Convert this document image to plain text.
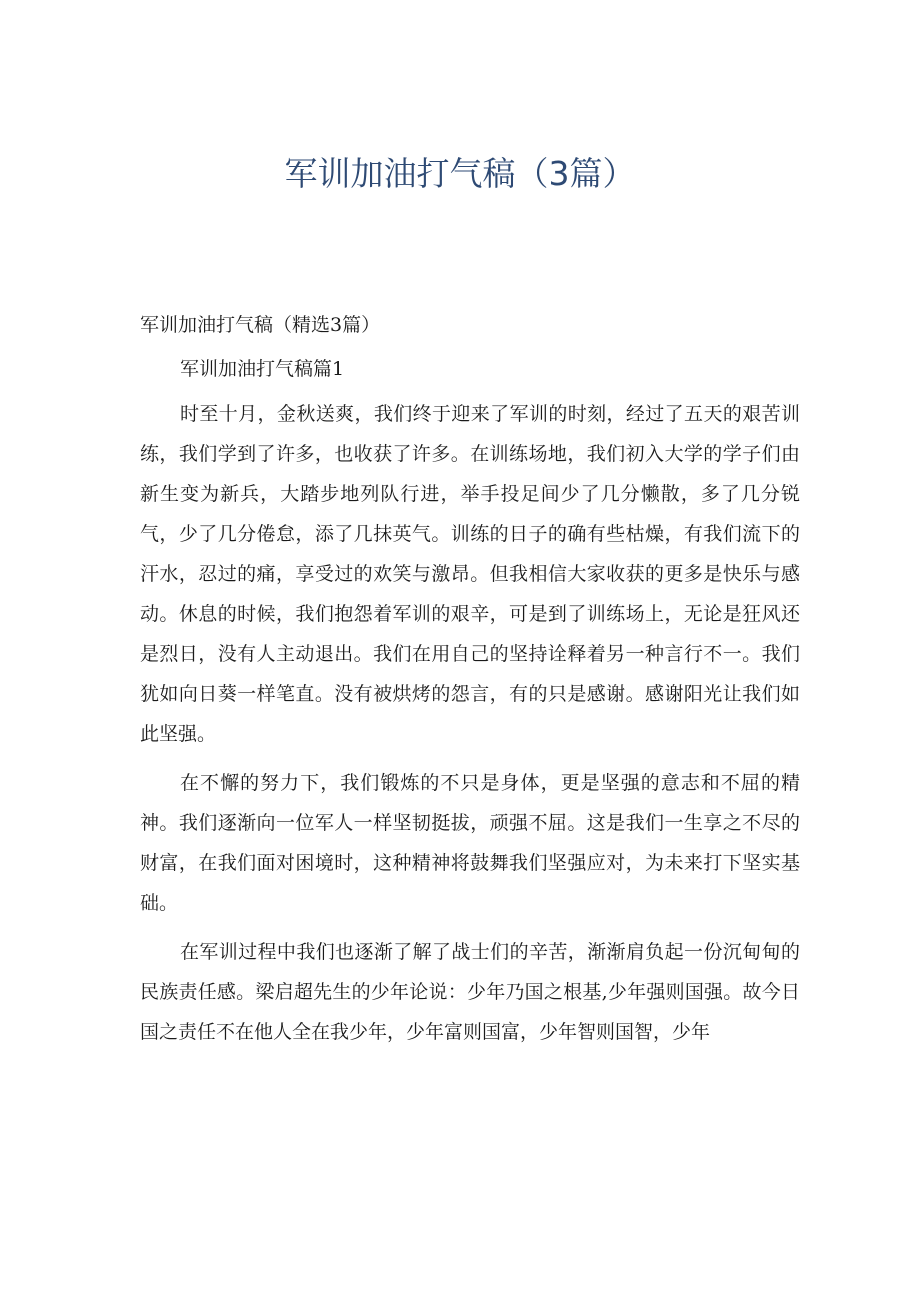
军训加油打气稿（3篇）

军训加油打气稿（精选3篇）

军训加油打气稿篇1

时至十月，金秋送爽，我们终于迎来了军训的时刻，经过了五天的艰苦训练，我们学到了许多，也收获了许多。在训练场地，我们初入大学的学子们由新生变为新兵，大踏步地列队行进，举手投足间少了几分懒散，多了几分锐气，少了几分倦怠，添了几抹英气。训练的日子的确有些枯燥，有我们流下的汗水，忍过的痛，享受过的欢笑与激昂。但我相信大家收获的更多是快乐与感动。休息的时候，我们抱怨着军训的艰辛，可是到了训练场上，无论是狂风还是烈日，没有人主动退出。我们在用自己的坚持诠释着另一种言行不一。我们犹如向日葵一样笔直。没有被烘烤的怨言，有的只是感谢。感谢阳光让我们如此坚强。

在不懈的努力下，我们锻炼的不只是身体，更是坚强的意志和不屈的精神。我们逐渐向一位军人一样坚韧挺拔，顽强不屈。这是我们一生享之不尽的财富，在我们面对困境时，这种精神将鼓舞我们坚强应对，为未来打下坚实基础。

在军训过程中我们也逐渐了解了战士们的辛苦，渐渐肩负起一份沉甸甸的民族责任感。梁启超先生的少年论说：少年乃国之根基,少年强则国强。故今日国之责任不在他人全在我少年，少年富则国富，少年智则国智，少年
